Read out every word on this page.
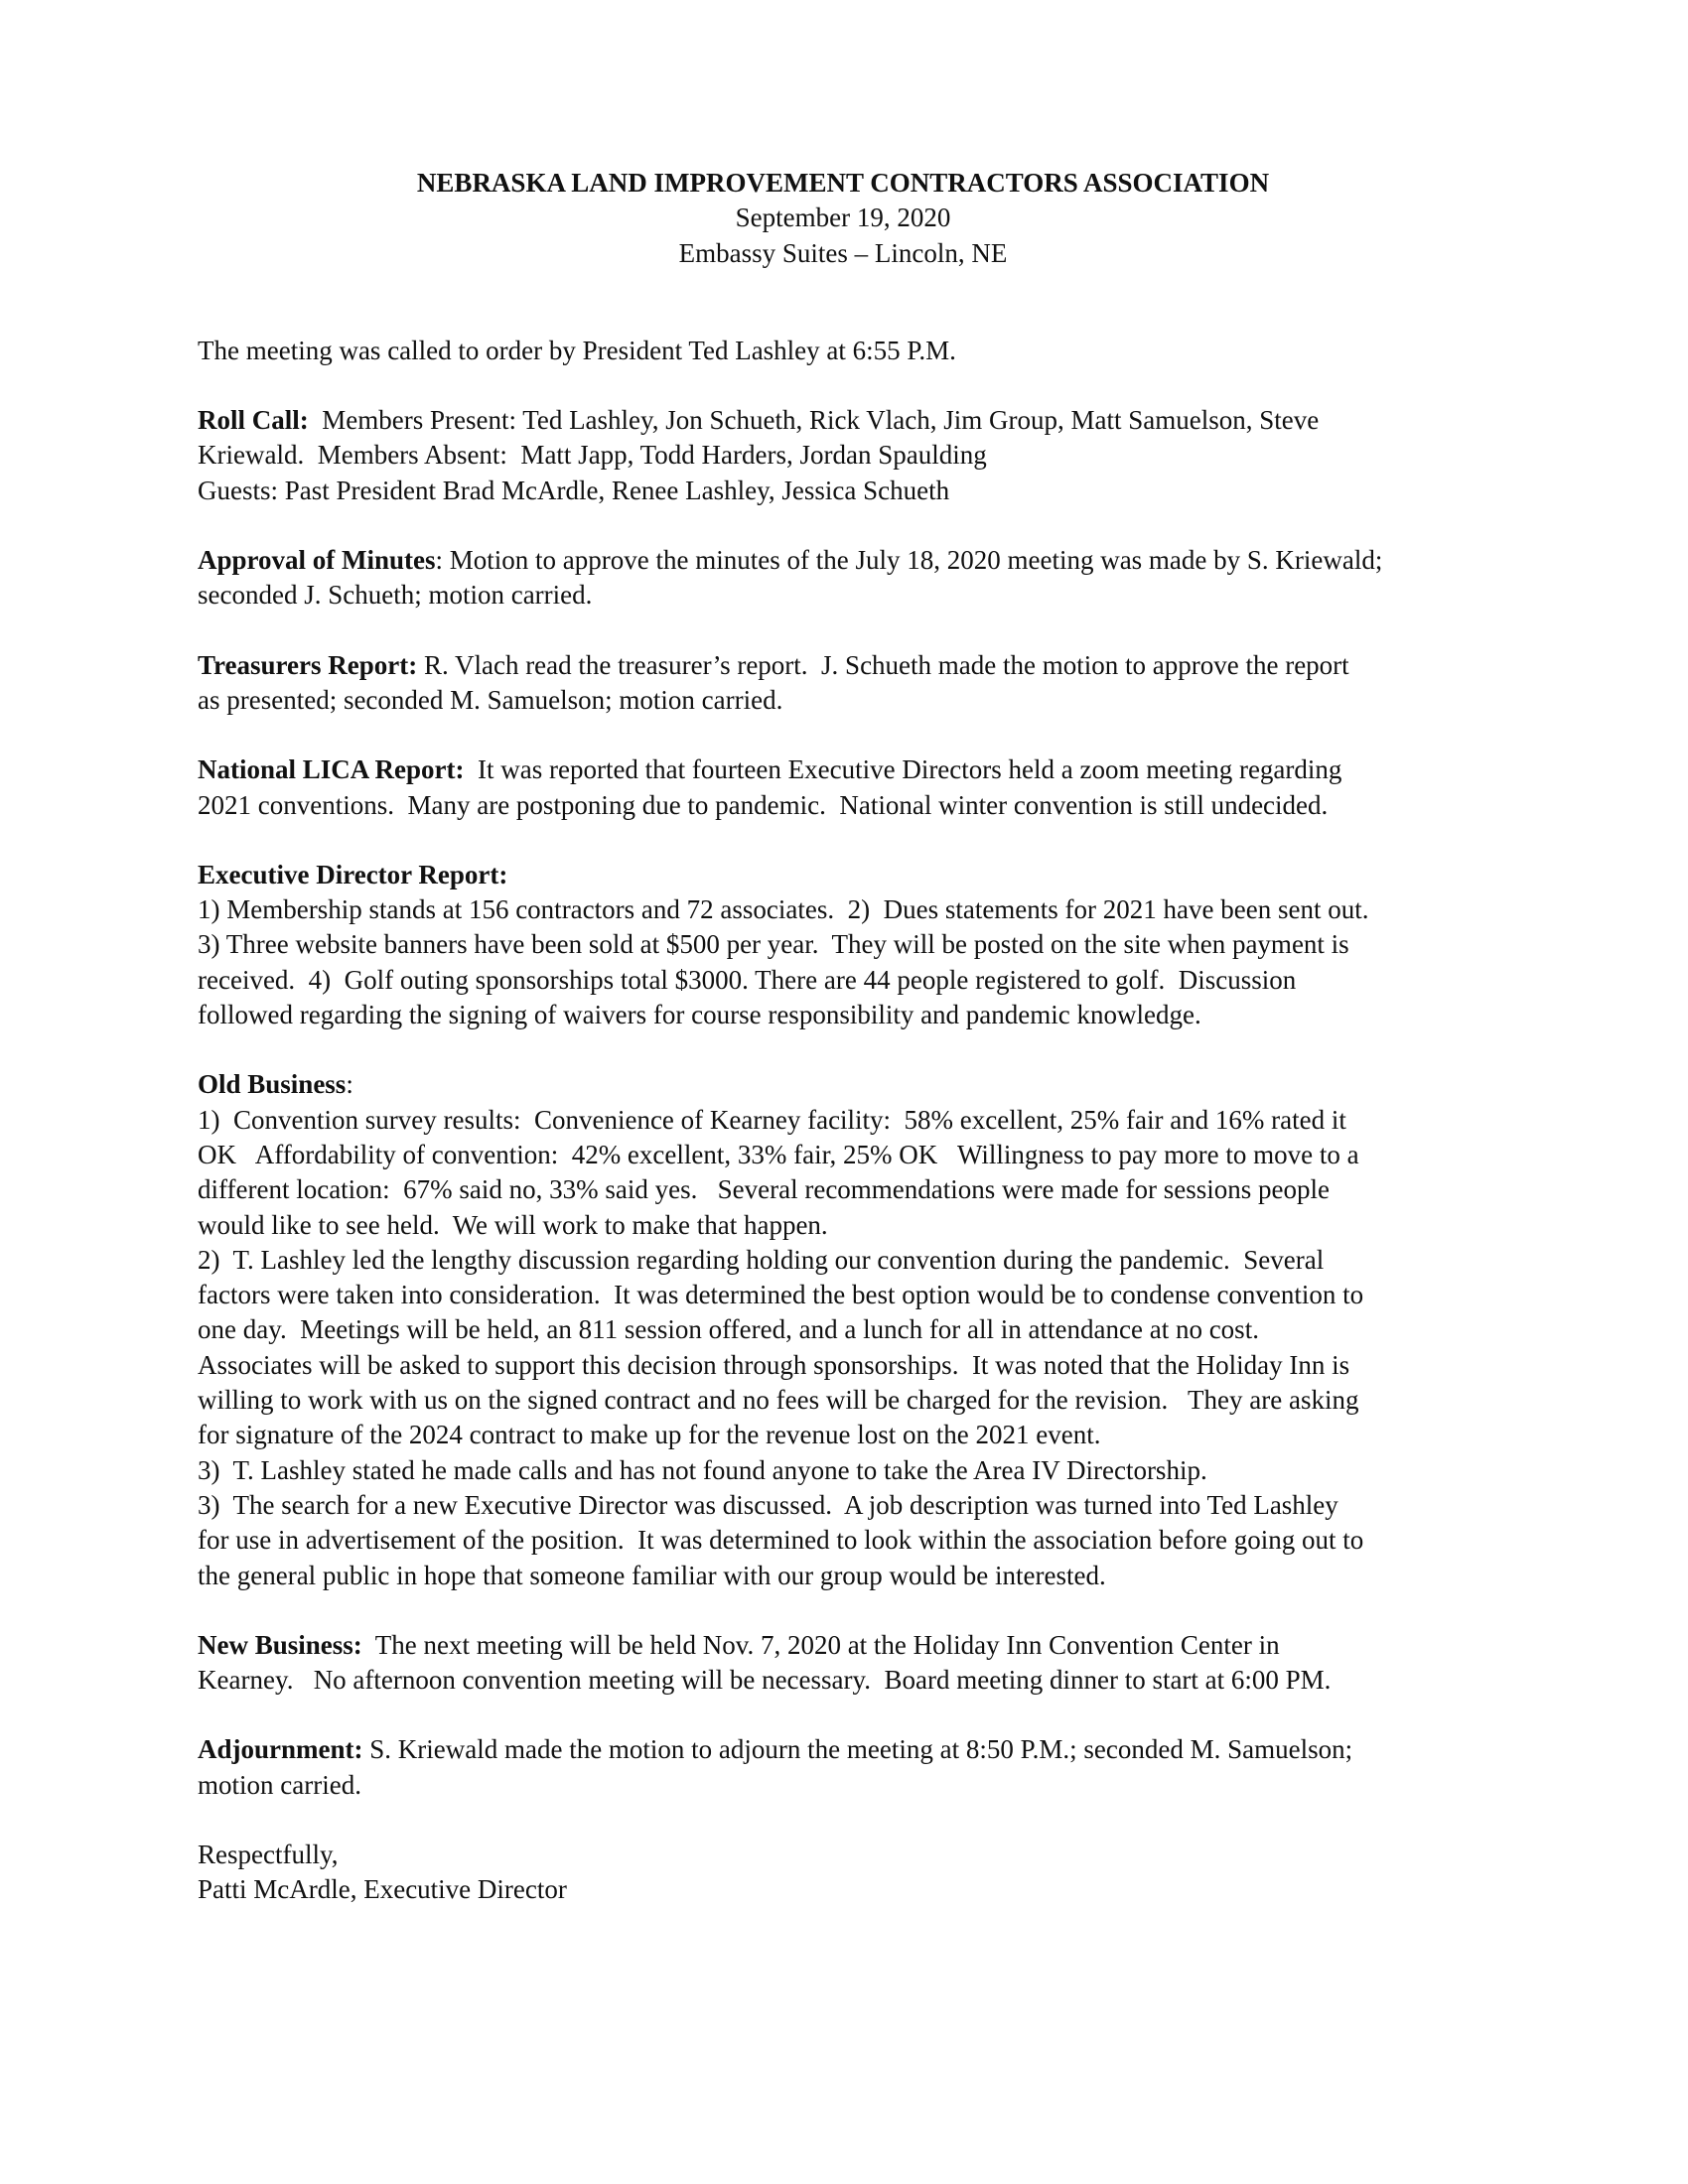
NEBRASKA LAND IMPROVEMENT CONTRACTORS ASSOCIATION
September 19, 2020
Embassy Suites – Lincoln, NE
The meeting was called to order by President Ted Lashley at 6:55 P.M.
Roll Call:  Members Present: Ted Lashley, Jon Schueth, Rick Vlach, Jim Group, Matt Samuelson, Steve
Kriewald.  Members Absent:  Matt Japp, Todd Harders, Jordan Spaulding
Guests: Past President Brad McArdle, Renee Lashley, Jessica Schueth
Approval of Minutes: Motion to approve the minutes of the July 18, 2020 meeting was made by S. Kriewald;
seconded J. Schueth; motion carried.
Treasurers Report: R. Vlach read the treasurer’s report.  J. Schueth made the motion to approve the report
as presented; seconded M. Samuelson; motion carried.
National LICA Report:  It was reported that fourteen Executive Directors held a zoom meeting regarding
2021 conventions.  Many are postponing due to pandemic.  National winter convention is still undecided.
Executive Director Report:
1) Membership stands at 156 contractors and 72 associates.  2)  Dues statements for 2021 have been sent out.
3) Three website banners have been sold at $500 per year.  They will be posted on the site when payment is
received.  4)  Golf outing sponsorships total $3000. There are 44 people registered to golf.  Discussion
followed regarding the signing of waivers for course responsibility and pandemic knowledge.
Old Business:
1)  Convention survey results:  Convenience of Kearney facility:  58% excellent, 25% fair and 16% rated it
OK   Affordability of convention:  42% excellent, 33% fair, 25% OK   Willingness to pay more to move to a
different location:  67% said no, 33% said yes.   Several recommendations were made for sessions people
would like to see held.  We will work to make that happen.
2)  T. Lashley led the lengthy discussion regarding holding our convention during the pandemic.  Several
factors were taken into consideration.  It was determined the best option would be to condense convention to
one day.  Meetings will be held, an 811 session offered, and a lunch for all in attendance at no cost.
Associates will be asked to support this decision through sponsorships.  It was noted that the Holiday Inn is
willing to work with us on the signed contract and no fees will be charged for the revision.   They are asking
for signature of the 2024 contract to make up for the revenue lost on the 2021 event.
3)  T. Lashley stated he made calls and has not found anyone to take the Area IV Directorship.
3)  The search for a new Executive Director was discussed.  A job description was turned into Ted Lashley
for use in advertisement of the position.  It was determined to look within the association before going out to
the general public in hope that someone familiar with our group would be interested.
New Business:  The next meeting will be held Nov. 7, 2020 at the Holiday Inn Convention Center in
Kearney.   No afternoon convention meeting will be necessary.  Board meeting dinner to start at 6:00 PM.
Adjournment: S. Kriewald made the motion to adjourn the meeting at 8:50 P.M.; seconded M. Samuelson;
motion carried.
Respectfully,
Patti McArdle, Executive Director
